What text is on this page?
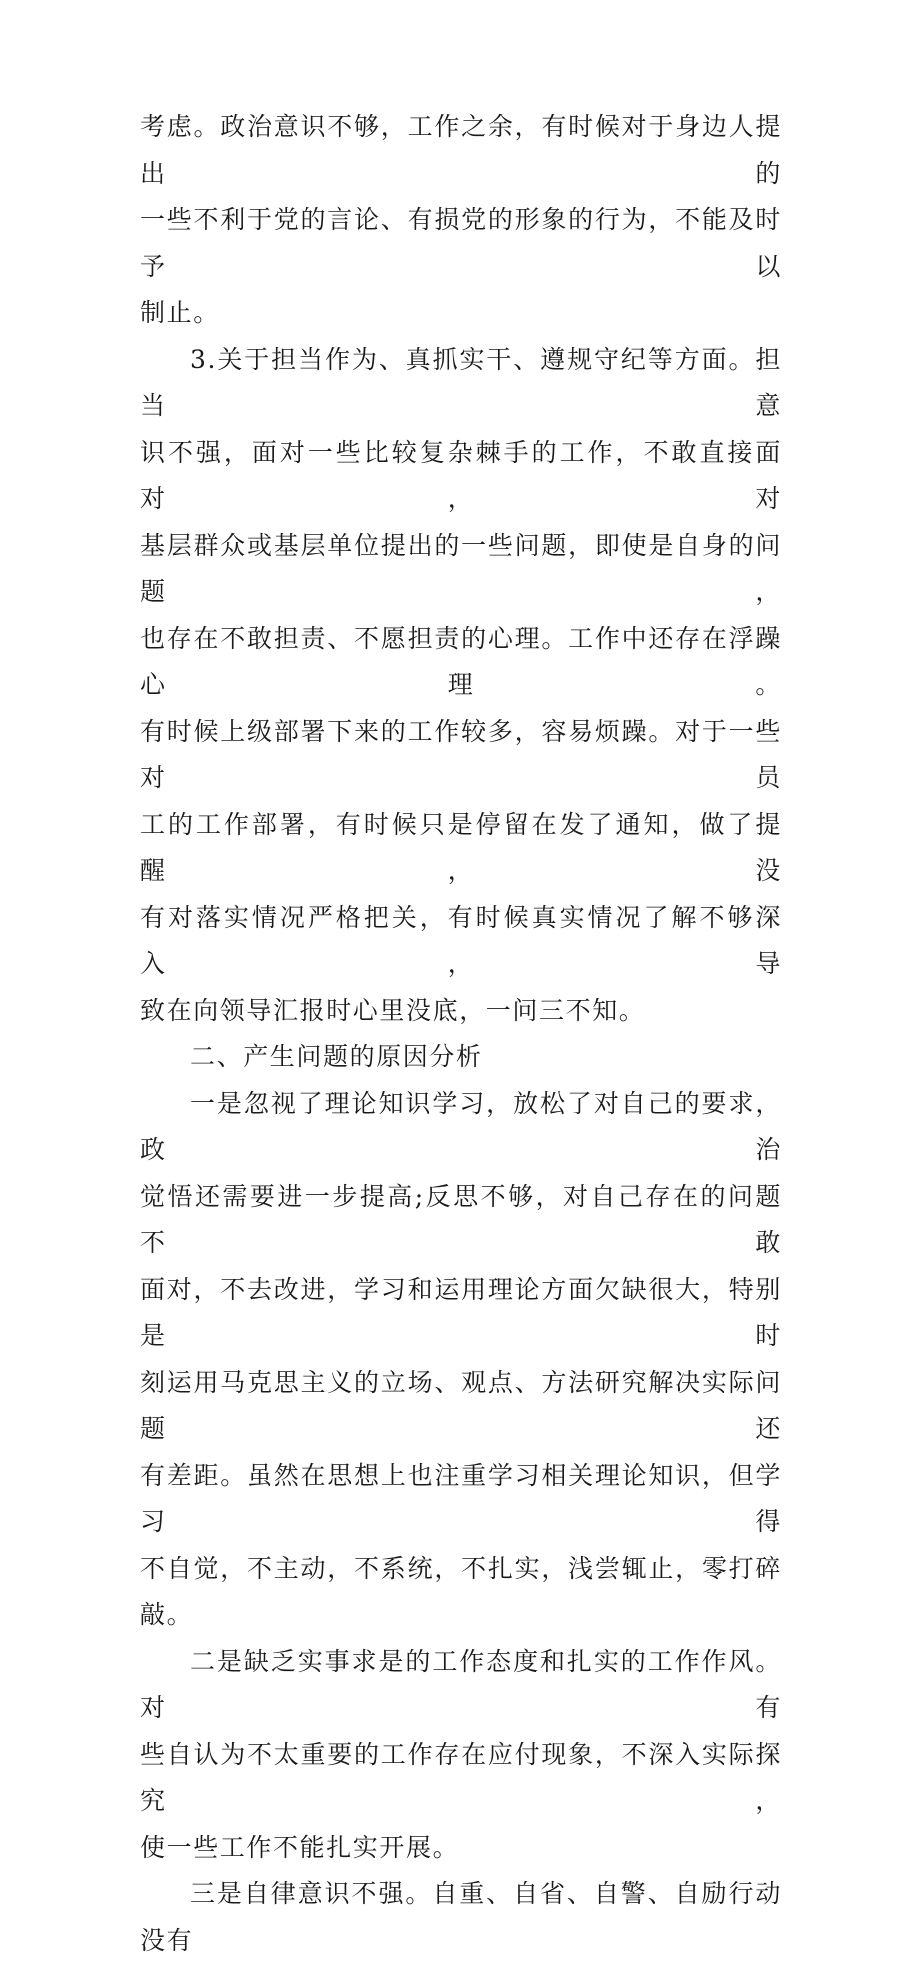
考虑。政治意识不够，工作之余，有时候对于身边人提出的
一些不利于党的言论、有损党的形象的行为，不能及时予以
制止。
3.关于担当作为、真抓实干、遵规守纪等方面。担当意
识不强，面对一些比较复杂棘手的工作，不敢直接面对，对
基层群众或基层单位提出的一些问题，即使是自身的问题，
也存在不敢担责、不愿担责的心理。工作中还存在浮躁心理。
有时候上级部署下来的工作较多，容易烦躁。对于一些对员
工的工作部署，有时候只是停留在发了通知，做了提醒，没
有对落实情况严格把关，有时候真实情况了解不够深入，导
致在向领导汇报时心里没底，一问三不知。
二、产生问题的原因分析
一是忽视了理论知识学习，放松了对自己的要求，政治
觉悟还需要进一步提高;反思不够，对自己存在的问题不敢
面对，不去改进，学习和运用理论方面欠缺很大，特别是时
刻运用马克思主义的立场、观点、方法研究解决实际问题还
有差距。虽然在思想上也注重学习相关理论知识，但学习得
不自觉，不主动，不系统，不扎实，浅尝辄止，零打碎敲。
二是缺乏实事求是的工作态度和扎实的工作作风。对有
些自认为不太重要的工作存在应付现象，不深入实际探究，
使一些工作不能扎实开展。
三是自律意识不强。自重、自省、自警、自励行动没有
